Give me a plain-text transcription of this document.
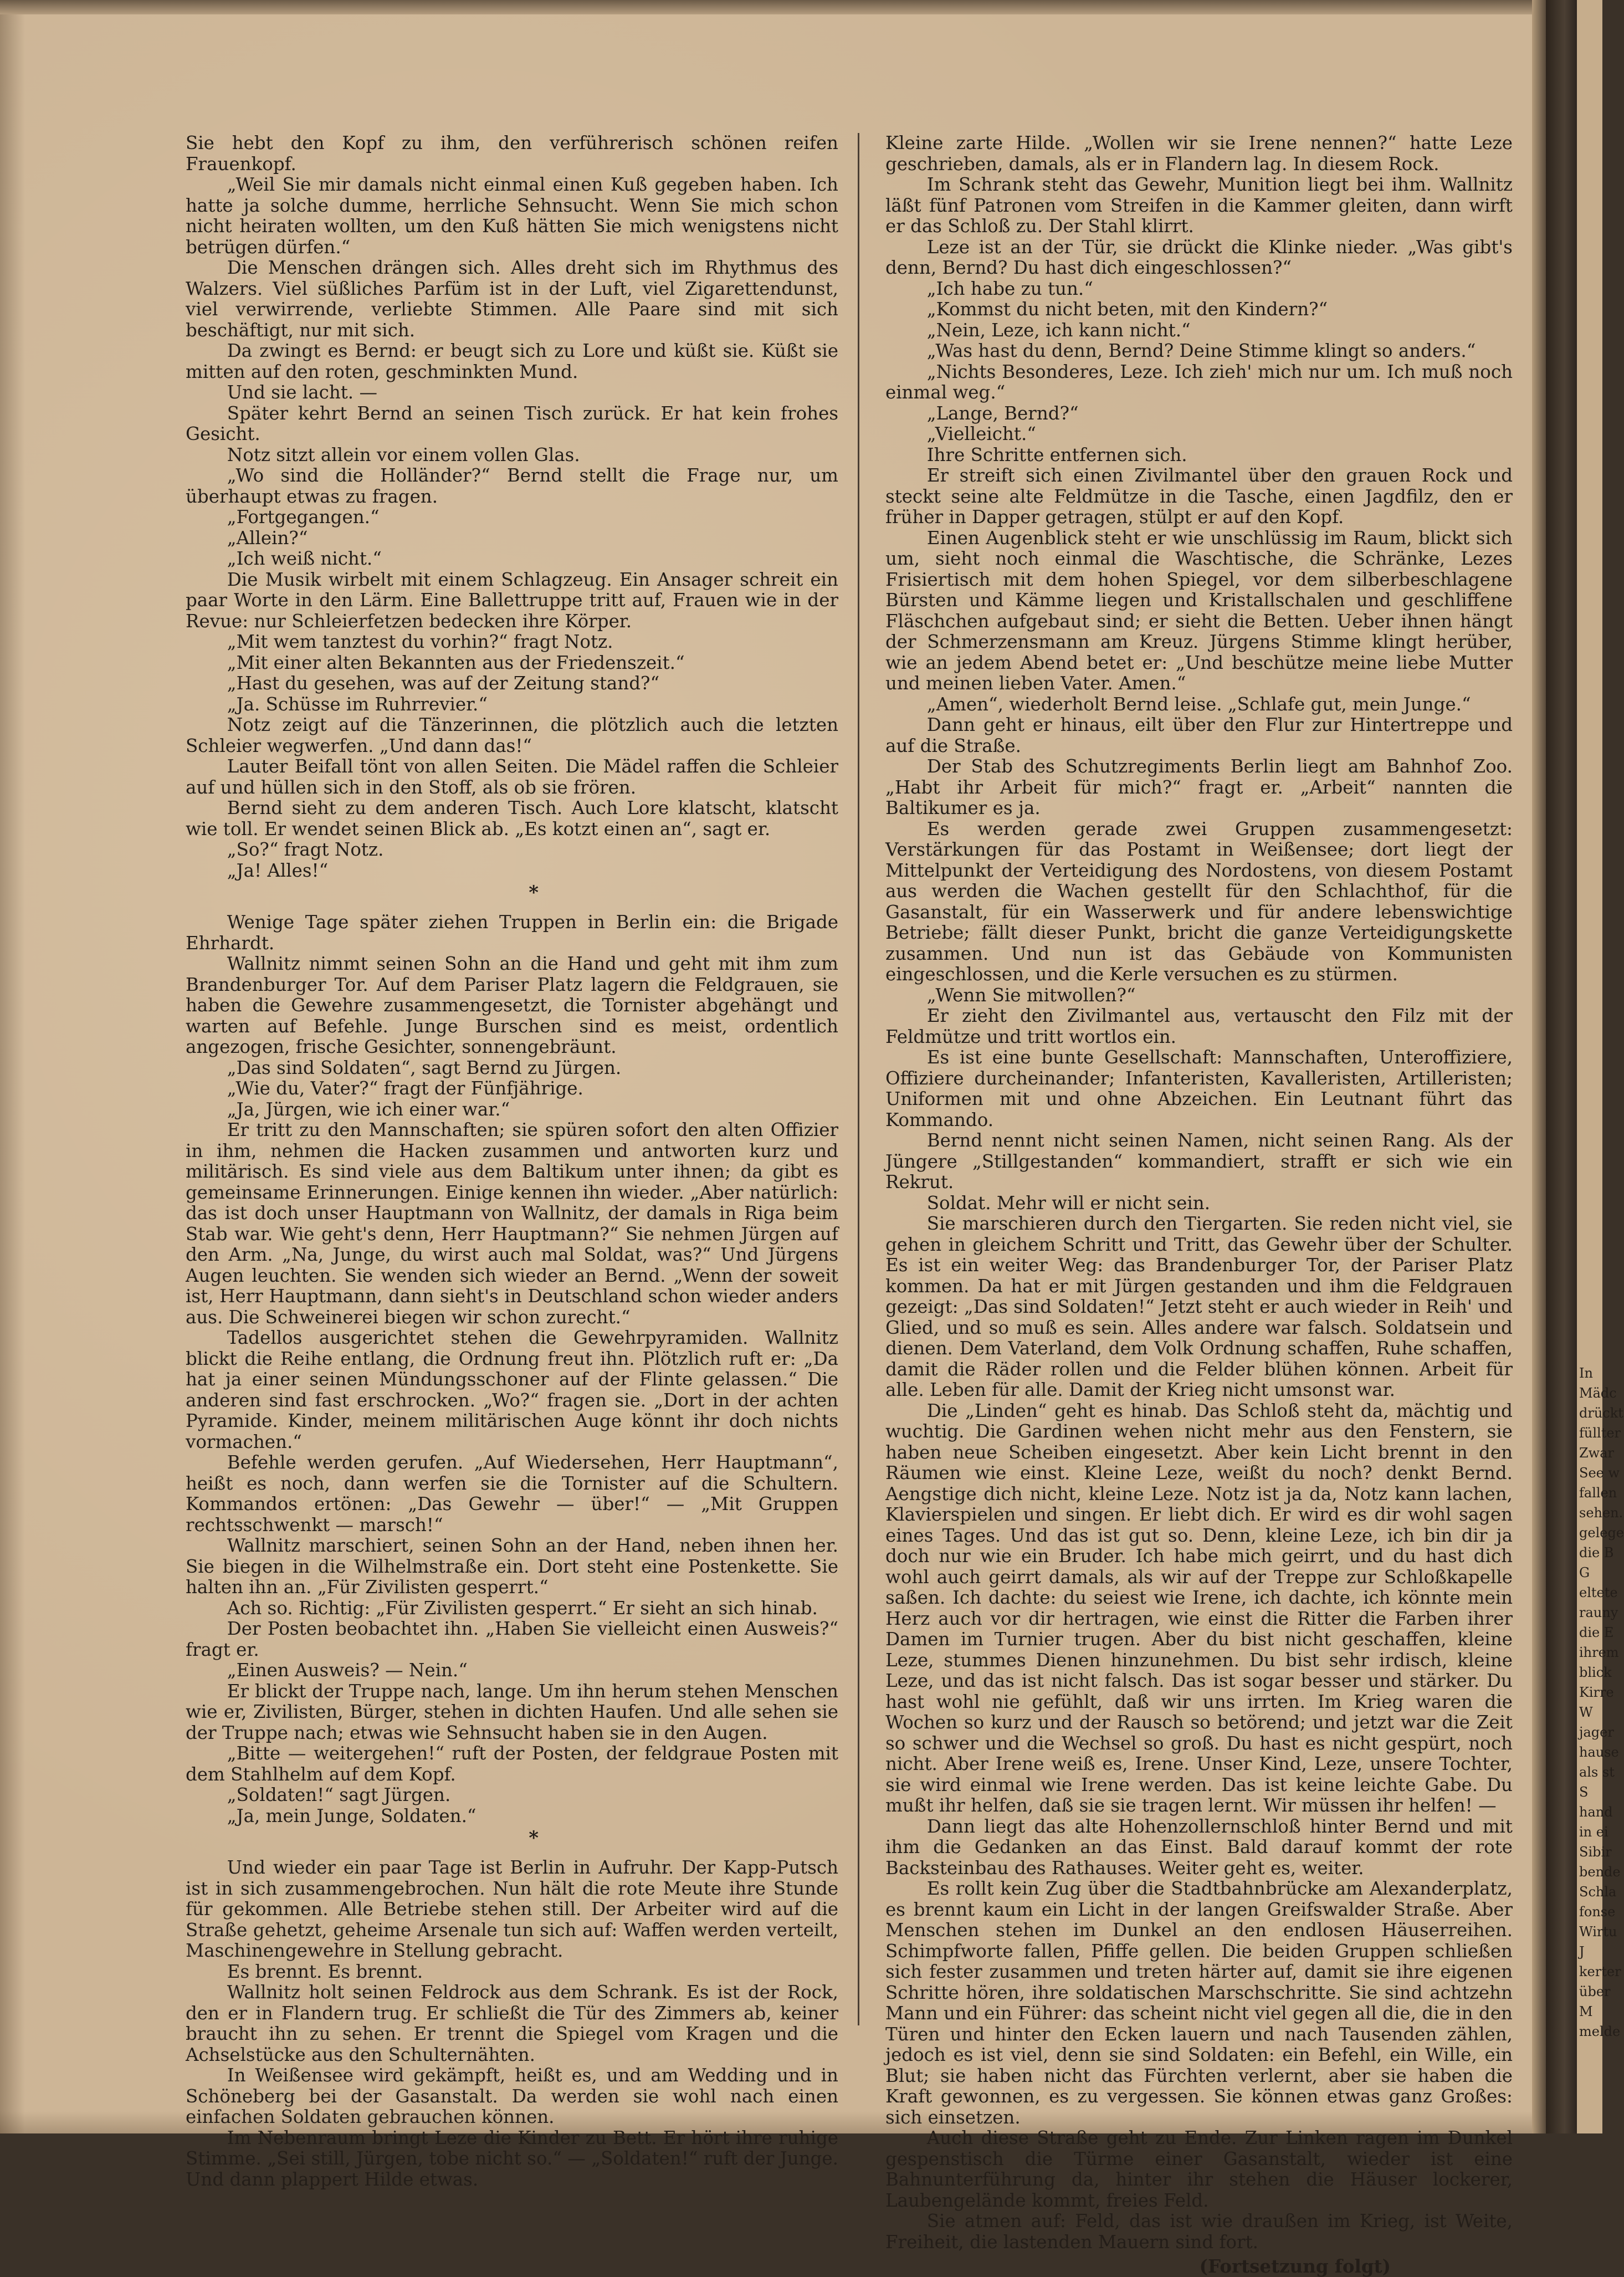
Sie hebt den Kopf zu ihm, den verführerisch schönen reifen Frauenkopf.

„Weil Sie mir damals nicht einmal einen Kuß gegeben haben. Ich hatte ja solche dumme, herrliche Sehnsucht. Wenn Sie mich schon nicht heiraten wollten, um den Kuß hätten Sie mich wenigstens nicht betrügen dürfen.“

Die Menschen drängen sich. Alles dreht sich im Rhythmus des Walzers. Viel süßliches Parfüm ist in der Luft, viel Zigarettendunst, viel verwirrende, verliebte Stimmen. Alle Paare sind mit sich beschäftigt, nur mit sich.

Da zwingt es Bernd: er beugt sich zu Lore und küßt sie. Küßt sie mitten auf den roten, geschminkten Mund.

Und sie lacht. —

Später kehrt Bernd an seinen Tisch zurück. Er hat kein frohes Gesicht.

Notz sitzt allein vor einem vollen Glas.

„Wo sind die Holländer?“ Bernd stellt die Frage nur, um überhaupt etwas zu fragen.

„Fortgegangen.“

„Allein?“

„Ich weiß nicht.“

Die Musik wirbelt mit einem Schlagzeug. Ein Ansager schreit ein paar Worte in den Lärm. Eine Ballettruppe tritt auf, Frauen wie in der Revue: nur Schleierfetzen bedecken ihre Körper.

„Mit wem tanztest du vorhin?“ fragt Notz.

„Mit einer alten Bekannten aus der Friedenszeit.“

„Hast du gesehen, was auf der Zeitung stand?“

„Ja. Schüsse im Ruhrrevier.“

Notz zeigt auf die Tänzerinnen, die plötzlich auch die letzten Schleier wegwerfen. „Und dann das!“

Lauter Beifall tönt von allen Seiten. Die Mädel raffen die Schleier auf und hüllen sich in den Stoff, als ob sie frören.

Bernd sieht zu dem anderen Tisch. Auch Lore klatscht, klatscht wie toll. Er wendet seinen Blick ab. „Es kotzt einen an“, sagt er.

„So?“ fragt Notz.

„Ja! Alles!“

*

Wenige Tage später ziehen Truppen in Berlin ein: die Brigade Ehrhardt.

Wallnitz nimmt seinen Sohn an die Hand und geht mit ihm zum Brandenburger Tor. Auf dem Pariser Platz lagern die Feldgrauen, sie haben die Gewehre zusammengesetzt, die Tornister abgehängt und warten auf Befehle. Junge Burschen sind es meist, ordentlich angezogen, frische Gesichter, sonnengebräunt.

„Das sind Soldaten“, sagt Bernd zu Jürgen.

„Wie du, Vater?“ fragt der Fünfjährige.

„Ja, Jürgen, wie ich einer war.“

Er tritt zu den Mannschaften; sie spüren sofort den alten Offizier in ihm, nehmen die Hacken zusammen und antworten kurz und militärisch. Es sind viele aus dem Baltikum unter ihnen; da gibt es gemeinsame Erinnerungen. Einige kennen ihn wieder. „Aber natürlich: das ist doch unser Hauptmann von Wallnitz, der damals in Riga beim Stab war. Wie geht's denn, Herr Hauptmann?“ Sie nehmen Jürgen auf den Arm. „Na, Junge, du wirst auch mal Soldat, was?“ Und Jürgens Augen leuchten. Sie wenden sich wieder an Bernd. „Wenn der soweit ist, Herr Hauptmann, dann sieht's in Deutschland schon wieder anders aus. Die Schweinerei biegen wir schon zurecht.“

Tadellos ausgerichtet stehen die Gewehrpyramiden. Wallnitz blickt die Reihe entlang, die Ordnung freut ihn. Plötzlich ruft er: „Da hat ja einer seinen Mündungsschoner auf der Flinte gelassen.“ Die anderen sind fast erschrocken. „Wo?“ fragen sie. „Dort in der achten Pyramide. Kinder, meinem militärischen Auge könnt ihr doch nichts vormachen.“

Befehle werden gerufen. „Auf Wiedersehen, Herr Hauptmann“, heißt es noch, dann werfen sie die Tornister auf die Schultern. Kommandos ertönen: „Das Gewehr — über!“ — „Mit Gruppen rechtsschwenkt — marsch!“

Wallnitz marschiert, seinen Sohn an der Hand, neben ihnen her. Sie biegen in die Wilhelmstraße ein. Dort steht eine Postenkette. Sie halten ihn an. „Für Zivilisten gesperrt.“

Ach so. Richtig: „Für Zivilisten gesperrt.“ Er sieht an sich hinab.

Der Posten beobachtet ihn. „Haben Sie vielleicht einen Ausweis?“ fragt er.

„Einen Ausweis? — Nein.“

Er blickt der Truppe nach, lange. Um ihn herum stehen Menschen wie er, Zivilisten, Bürger, stehen in dichten Haufen. Und alle sehen sie der Truppe nach; etwas wie Sehnsucht haben sie in den Augen.

„Bitte — weitergehen!“ ruft der Posten, der feldgraue Posten mit dem Stahlhelm auf dem Kopf.

„Soldaten!“ sagt Jürgen.

„Ja, mein Junge, Soldaten.“

*

Und wieder ein paar Tage ist Berlin in Aufruhr. Der Kapp-Putsch ist in sich zusammengebrochen. Nun hält die rote Meute ihre Stunde für gekommen. Alle Betriebe stehen still. Der Arbeiter wird auf die Straße gehetzt, geheime Arsenale tun sich auf: Waffen werden verteilt, Maschinengewehre in Stellung gebracht.

Es brennt. Es brennt.

Wallnitz holt seinen Feldrock aus dem Schrank. Es ist der Rock, den er in Flandern trug. Er schließt die Tür des Zimmers ab, keiner braucht ihn zu sehen. Er trennt die Spiegel vom Kragen und die Achselstücke aus den Schulternähten.

In Weißensee wird gekämpft, heißt es, und am Wedding und in Schöneberg bei der Gasanstalt. Da werden sie wohl nach einen einfachen Soldaten gebrauchen können.

Im Nebenraum bringt Leze die Kinder zu Bett. Er hört ihre ruhige Stimme. „Sei still, Jürgen, tobe nicht so.“ — „Soldaten!“ ruft der Junge. Und dann plappert Hilde etwas.

Kleine zarte Hilde. „Wollen wir sie Irene nennen?“ hatte Leze geschrieben, damals, als er in Flandern lag. In diesem Rock.

Im Schrank steht das Gewehr, Munition liegt bei ihm. Wallnitz läßt fünf Patronen vom Streifen in die Kammer gleiten, dann wirft er das Schloß zu. Der Stahl klirrt.

Leze ist an der Tür, sie drückt die Klinke nieder. „Was gibt's denn, Bernd? Du hast dich eingeschlossen?“

„Ich habe zu tun.“

„Kommst du nicht beten, mit den Kindern?“

„Nein, Leze, ich kann nicht.“

„Was hast du denn, Bernd? Deine Stimme klingt so anders.“

„Nichts Besonderes, Leze. Ich zieh' mich nur um. Ich muß noch einmal weg.“

„Lange, Bernd?“

„Vielleicht.“

Ihre Schritte entfernen sich.

Er streift sich einen Zivilmantel über den grauen Rock und steckt seine alte Feldmütze in die Tasche, einen Jagdfilz, den er früher in Dapper getragen, stülpt er auf den Kopf.

Einen Augenblick steht er wie unschlüssig im Raum, blickt sich um, sieht noch einmal die Waschtische, die Schränke, Lezes Frisiertisch mit dem hohen Spiegel, vor dem silberbeschlagene Bürsten und Kämme liegen und Kristallschalen und geschliffene Fläschchen aufgebaut sind; er sieht die Betten. Ueber ihnen hängt der Schmerzensmann am Kreuz. Jürgens Stimme klingt herüber, wie an jedem Abend betet er: „Und beschütze meine liebe Mutter und meinen lieben Vater. Amen.“

„Amen“, wiederholt Bernd leise. „Schlafe gut, mein Junge.“

Dann geht er hinaus, eilt über den Flur zur Hintertreppe und auf die Straße.

Der Stab des Schutzregiments Berlin liegt am Bahnhof Zoo. „Habt ihr Arbeit für mich?“ fragt er. „Arbeit“ nannten die Baltikumer es ja.

Es werden gerade zwei Gruppen zusammengesetzt: Verstärkungen für das Postamt in Weißensee; dort liegt der Mittelpunkt der Verteidigung des Nordostens, von diesem Postamt aus werden die Wachen gestellt für den Schlachthof, für die Gasanstalt, für ein Wasserwerk und für andere lebenswichtige Betriebe; fällt dieser Punkt, bricht die ganze Verteidigungskette zusammen. Und nun ist das Gebäude von Kommunisten eingeschlossen, und die Kerle versuchen es zu stürmen.

„Wenn Sie mitwollen?“

Er zieht den Zivilmantel aus, vertauscht den Filz mit der Feldmütze und tritt wortlos ein.

Es ist eine bunte Gesellschaft: Mannschaften, Unteroffiziere, Offiziere durcheinander; Infanteristen, Kavalleristen, Artilleristen; Uniformen mit und ohne Abzeichen. Ein Leutnant führt das Kommando.

Bernd nennt nicht seinen Namen, nicht seinen Rang. Als der Jüngere „Stillgestanden“ kommandiert, strafft er sich wie ein Rekrut.

Soldat. Mehr will er nicht sein.

Sie marschieren durch den Tiergarten. Sie reden nicht viel, sie gehen in gleichem Schritt und Tritt, das Gewehr über der Schulter. Es ist ein weiter Weg: das Brandenburger Tor, der Pariser Platz kommen. Da hat er mit Jürgen gestanden und ihm die Feldgrauen gezeigt: „Das sind Soldaten!“ Jetzt steht er auch wieder in Reih' und Glied, und so muß es sein. Alles andere war falsch. Soldatsein und dienen. Dem Vaterland, dem Volk Ordnung schaffen, Ruhe schaffen, damit die Räder rollen und die Felder blühen können. Arbeit für alle. Leben für alle. Damit der Krieg nicht umsonst war.

Die „Linden“ geht es hinab. Das Schloß steht da, mächtig und wuchtig. Die Gardinen wehen nicht mehr aus den Fenstern, sie haben neue Scheiben eingesetzt. Aber kein Licht brennt in den Räumen wie einst. Kleine Leze, weißt du noch? denkt Bernd. Aengstige dich nicht, kleine Leze. Notz ist ja da, Notz kann lachen, Klavierspielen und singen. Er liebt dich. Er wird es dir wohl sagen eines Tages. Und das ist gut so. Denn, kleine Leze, ich bin dir ja doch nur wie ein Bruder. Ich habe mich geirrt, und du hast dich wohl auch geirrt damals, als wir auf der Treppe zur Schloßkapelle saßen. Ich dachte: du seiest wie Irene, ich dachte, ich könnte mein Herz auch vor dir hertragen, wie einst die Ritter die Farben ihrer Damen im Turnier trugen. Aber du bist nicht geschaffen, kleine Leze, stummes Dienen hinzunehmen. Du bist sehr irdisch, kleine Leze, und das ist nicht falsch. Das ist sogar besser und stärker. Du hast wohl nie gefühlt, daß wir uns irrten. Im Krieg waren die Wochen so kurz und der Rausch so betörend; und jetzt war die Zeit so schwer und die Wechsel so groß. Du hast es nicht gespürt, noch nicht. Aber Irene weiß es, Irene. Unser Kind, Leze, unsere Tochter, sie wird einmal wie Irene werden. Das ist keine leichte Gabe. Du mußt ihr helfen, daß sie sie tragen lernt. Wir müssen ihr helfen! —

Dann liegt das alte Hohenzollernschloß hinter Bernd und mit ihm die Gedanken an das Einst. Bald darauf kommt der rote Backsteinbau des Rathauses. Weiter geht es, weiter.

Es rollt kein Zug über die Stadtbahnbrücke am Alexanderplatz, es brennt kaum ein Licht in der langen Greifswalder Straße. Aber Menschen stehen im Dunkel an den endlosen Häuserreihen. Schimpfworte fallen, Pfiffe gellen. Die beiden Gruppen schließen sich fester zusammen und treten härter auf, damit sie ihre eigenen Schritte hören, ihre soldatischen Marschschritte. Sie sind achtzehn Mann und ein Führer: das scheint nicht viel gegen all die, die in den Türen und hinter den Ecken lauern und nach Tausenden zählen, jedoch es ist viel, denn sie sind Soldaten: ein Befehl, ein Wille, ein Blut; sie haben nicht das Fürchten verlernt, aber sie haben die Kraft gewonnen, es zu vergessen. Sie können etwas ganz Großes: sich einsetzen.

Auch diese Straße geht zu Ende. Zur Linken ragen im Dunkel gespenstisch die Türme einer Gasanstalt, wieder ist eine Bahnunterführung da, hinter ihr stehen die Häuser lockerer, Laubengelände kommt, freies Feld.

Sie atmen auf: Feld, das ist wie draußen im Krieg, ist Weite, Freiheit, die lastenden Mauern sind fort.

(Fortsetzung folgt)
In
Mädc
drückt
füllter
Zwar
See w
fallen
sehen.
gelege
die B
G
eltete
rauny
die E
ihrem
blick
Kirre
W
jager
hause
als st
S
hand
in ei
Sibir
bende
Schla
fonse
Wirtu
J
kerter
über
M
melde
